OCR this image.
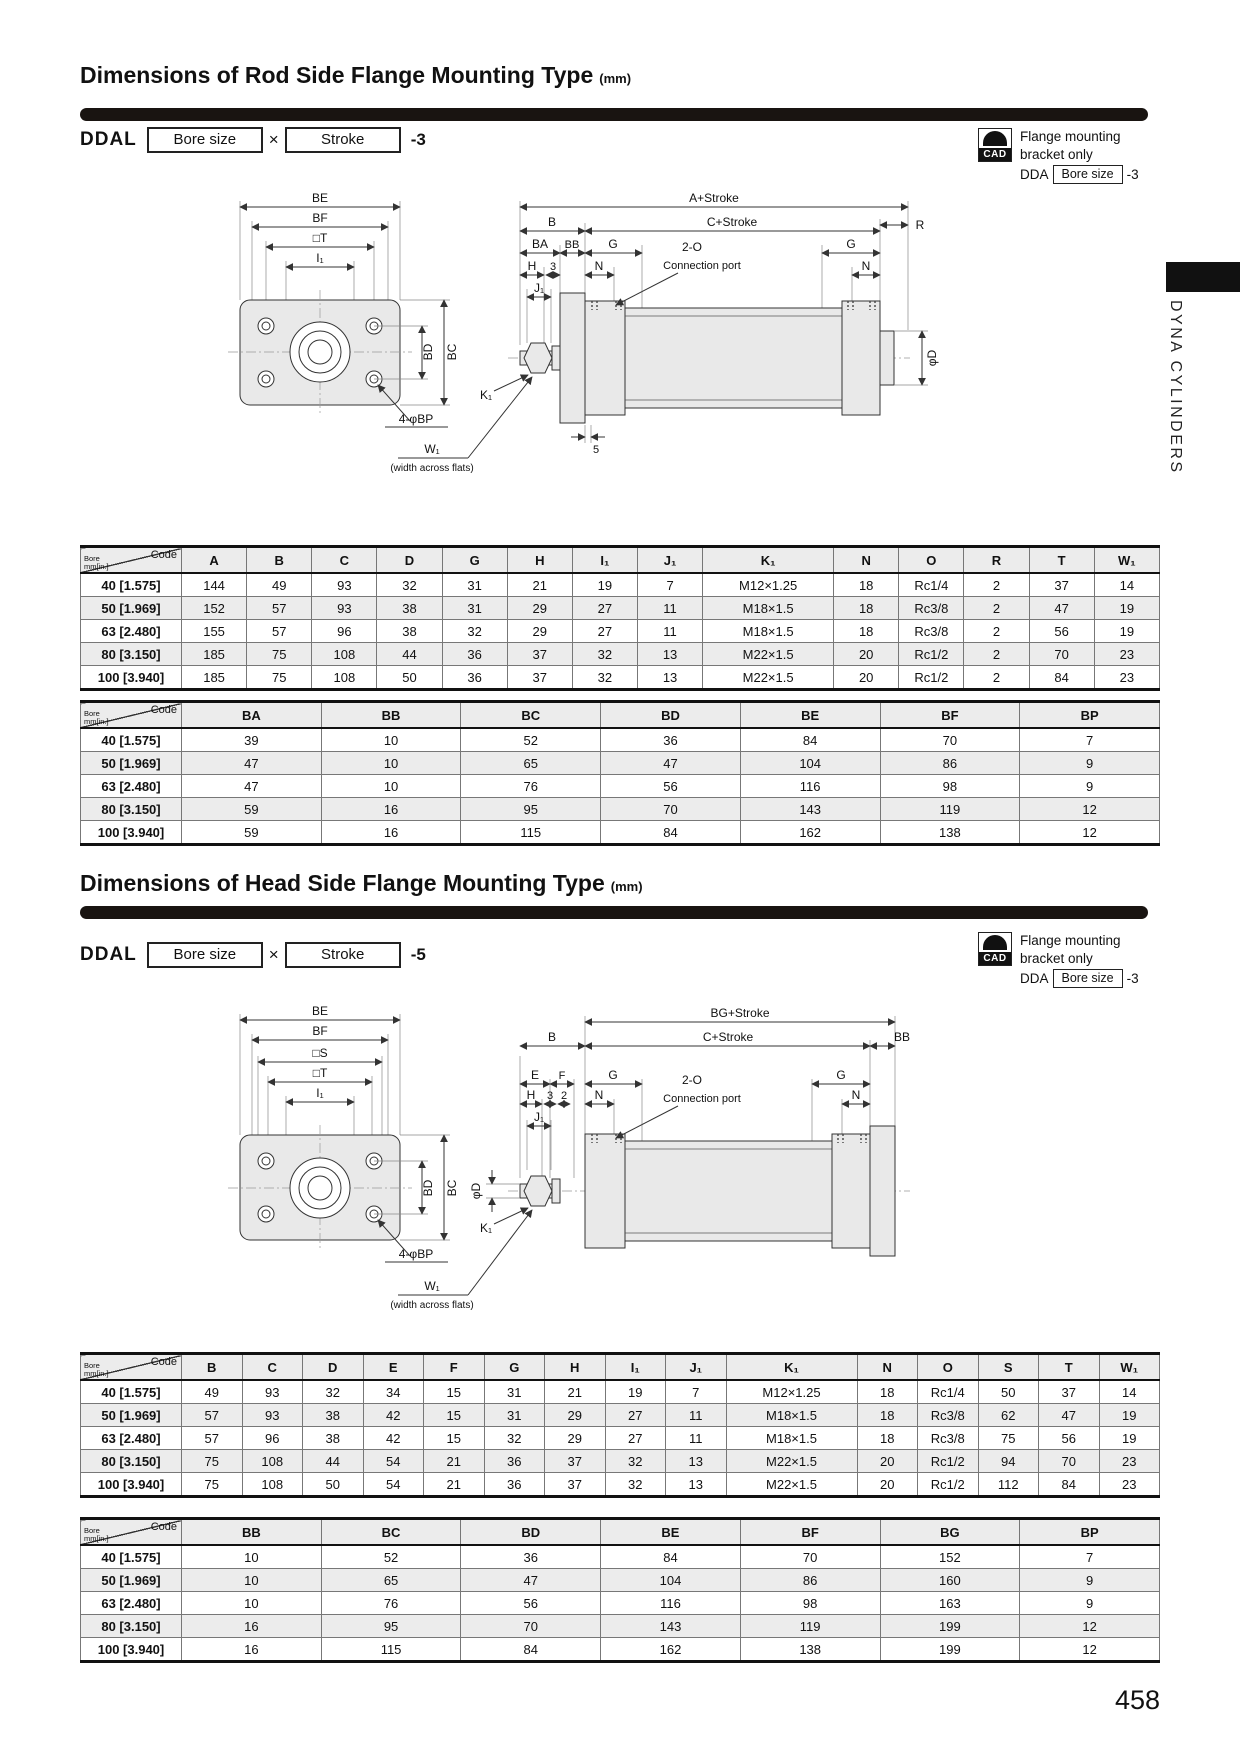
Dimensions of Rod Side Flange Mounting Type (mm)
DDAL	Bore size	×	Stroke	-3
CAD
Flange mounting
bracket only
DDA	Bore size -3
BE
BF
□T
I₁
BD BC
4-φBP
W₁
(width across flats)
A+Stroke
R
B	C+Stroke
BA BB G	G
H 3	N	N
J₁
2-O
Connection port
K₁
φD
5
Code
Bore
mm[in.]	A	B	C	D	G	H	I₁	J₁	K₁	N	O	R	T	W₁
40 [1.575]	144	49	93	32	31	21	19	7	M12×1.25	18	Rc1/4	2	37	14
50 [1.969]	152	57	93	38	31	29	27	11	M18×1.5	18	Rc3/8	2	47	19
63 [2.480]	155	57	96	38	32	29	27	11	M18×1.5	18	Rc3/8	2	56	19
80 [3.150]	185	75	108	44	36	37	32	13	M22×1.5	20	Rc1/2	2	70	23
100 [3.940]	185	75	108	50	36	37	32	13	M22×1.5	20	Rc1/2	2	84	23
Code
Bore
mm[in.]	BA	BB	BC	BD	BE	BF	BP
40 [1.575]	39	10	52	36	84	70	7
50 [1.969]	47	10	65	47	104	86	9
63 [2.480]	47	10	76	56	116	98	9
80 [3.150]	59	16	95	70	143	119	12
100 [3.940]	59	16	115	84	162	138	12
Dimensions of Head Side Flange Mounting Type (mm)
DDAL	Bore size	×	Stroke	-5	CAD
Flange mounting
bracket only
DDA	Bore size -3
BE
BF
□S
□T
I₁
BD BC
4-φBP
W₁
(width across flats)
BG+Stroke
B	C+Stroke	BB
E F	G	G
H 3 2 N	N
J₁
2-O
Connection port
K₁
φD
Code
Bore
mm[in.]	B	C	D	E	F	G	H	I₁	J₁	K₁	N	O	S	T	W₁
40 [1.575]	49	93	32	34	15	31	21	19	7	M12×1.25	18	Rc1/4	50	37	14
50 [1.969]	57	93	38	42	15	31	29	27	11	M18×1.5	18	Rc3/8	62	47	19
63 [2.480]	57	96	38	42	15	32	29	27	11	M18×1.5	18	Rc3/8	75	56	19
80 [3.150]	75	108	44	54	21	36	37	32	13	M22×1.5	20	Rc1/2	94	70	23
100 [3.940]	75	108	50	54	21	36	37	32	13	M22×1.5	20	Rc1/2	112	84	23
Code
Bore
mm[in.]	BB	BC	BD	BE	BF	BG	BP
40 [1.575]	10	52	36	84	70	152	7
50 [1.969]	10	65	47	104	86	160	9
63 [2.480]	10	76	56	116	98	163	9
80 [3.150]	16	95	70	143	119	199	12
100 [3.940]	16	115	84	162	138	199	12
DYNA CYLINDERS
458
